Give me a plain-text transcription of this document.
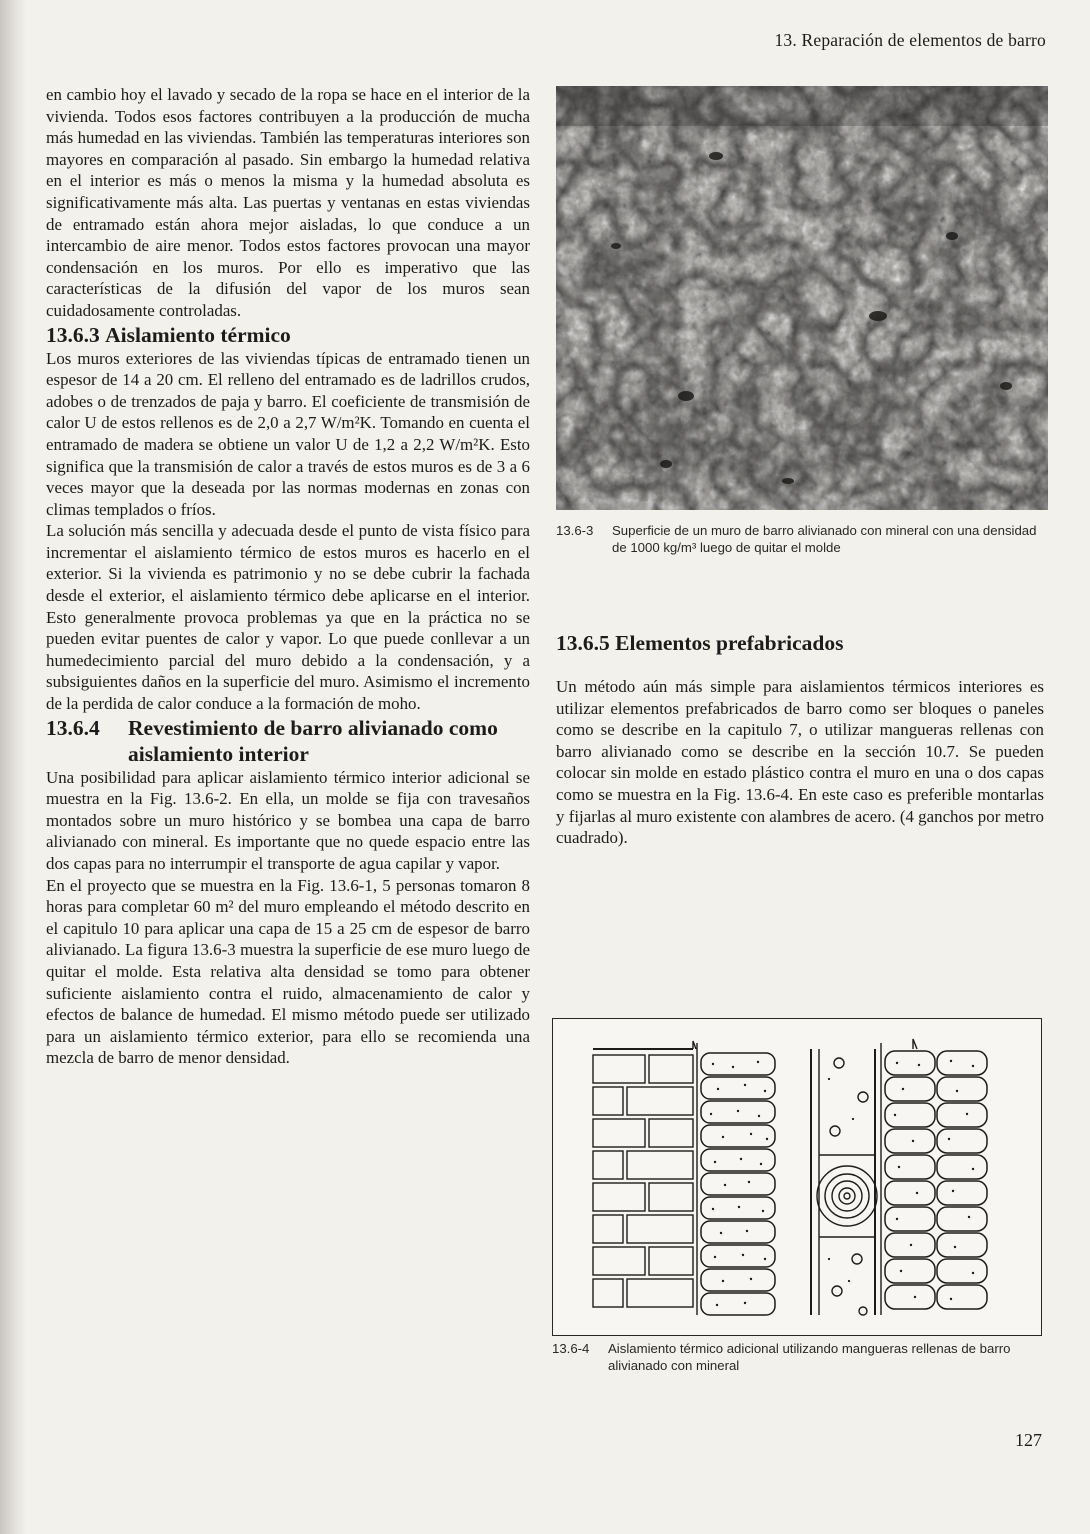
13. Reparación de elementos de barro

en cambio hoy el lavado y secado de la ropa se hace en el interior de la vivienda. Todos esos factores contribuyen a la producción de mucha más humedad en las viviendas. También las temperaturas interiores son mayores en comparación al pasado. Sin embargo la humedad relativa en el interior es más o menos la misma y la humedad absoluta es significativamente más alta. Las puertas y ventanas en estas viviendas de entramado están ahora mejor aisladas, lo que conduce a un intercambio de aire menor. Todos estos factores provocan una mayor condensación en los muros. Por ello es imperativo que las características de la difusión del vapor de los muros sean cuidadosamente controladas.

13.6.3
Aislamiento térmico

Los muros exteriores de las viviendas típicas de entramado tienen un espesor de 14 a 20 cm. El relleno del entramado es de ladrillos crudos, adobes o de trenzados de paja y barro. El coeficiente de transmisión de calor U de estos rellenos es de 2,0 a 2,7 W/m²K. Tomando en cuenta el entramado de madera se obtiene un valor U de 1,2 a 2,2 W/m²K. Esto significa que la transmisión de calor a través de estos muros es de 3 a 6 veces mayor que la deseada por las normas modernas en zonas con climas templados o fríos.

La solución más sencilla y adecuada desde el punto de vista físico para incrementar el aislamiento térmico de estos muros es hacerlo en el exterior. Si la vivienda es patrimonio y no se debe cubrir la fachada desde el exterior, el aislamiento térmico debe aplicarse en el interior. Esto generalmente provoca problemas ya que en la práctica no se pueden evitar puentes de calor y vapor. Lo que puede conllevar a un humedecimiento parcial del muro debido a la condensación, y a subsiguientes daños en la superficie del muro. Asimismo el incremento de la perdida de calor conduce a la formación de moho.

13.6.4	Revestimiento de barro alivianado como aislamiento interior

Una posibilidad para aplicar aislamiento térmico interior adicional se muestra en la Fig. 13.6-2. En ella, un molde se fija con travesaños montados sobre un muro histórico y se bombea una capa de barro alivianado con mineral. Es importante que no quede espacio entre las dos capas para no interrumpir el transporte de agua capilar y vapor.

En el proyecto que se muestra en la Fig. 13.6-1, 5 personas tomaron 8 horas para completar 60 m² del muro empleando el método descrito en el capitulo 10 para aplicar una capa de 15 a 25 cm de espesor de barro alivianado. La figura 13.6-3 muestra la superficie de ese muro luego de quitar el molde. Esta relativa alta densidad se tomo para obtener suficiente aislamiento contra el ruido, almacenamiento de calor y efectos de balance de humedad. El mismo método puede ser utilizado para un aislamiento térmico exterior, para ello se recomienda una mezcla de barro de menor densidad.

13.6-3	Superficie de un muro de barro alivianado con mineral con una densidad de 1000 kg/m³ luego de quitar el molde
13.6.5
Elementos prefabricados

Un método aún más simple para aislamientos térmicos interiores es utilizar elementos prefabricados de barro como ser bloques o paneles como se describe en la capitulo 7, o utilizar mangueras rellenas con barro alivianado como se describe en la sección 10.7. Se pueden colocar sin molde en estado plástico contra el muro en una o dos capas como se muestra en la Fig. 13.6-4. En este caso es preferible montarlas y fijarlas al muro existente con alambres de acero. (4 ganchos por metro cuadrado).

13.6-4	Aislamiento térmico adicional utilizando mangueras rellenas de barro alivianado con mineral
127
